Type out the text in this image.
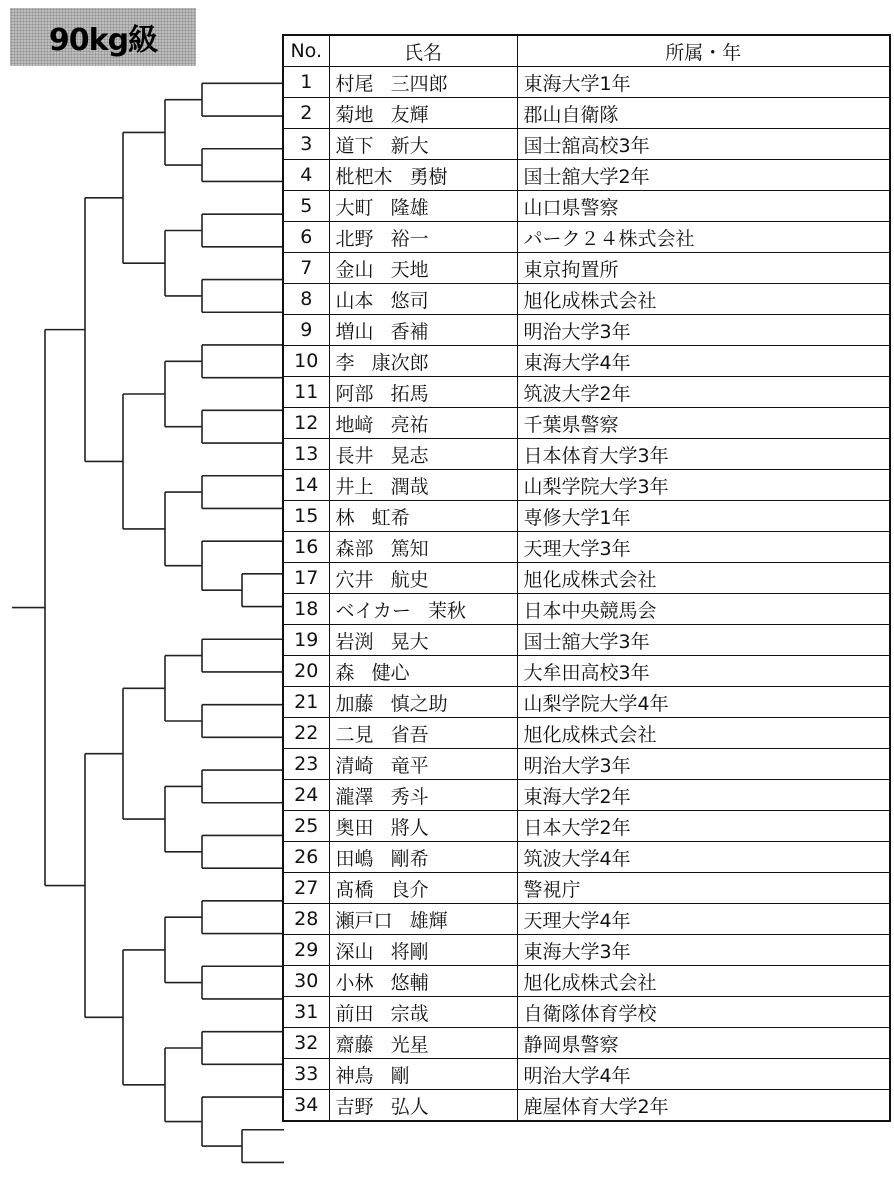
90kg級	No.	氏名	所属・年
1	村尾 三四郎	東海大学1年
2	菊地 友輝	郡山自衛隊
3	道下 新大	国士舘高校3年
4	枇杷木 勇樹	国士舘大学2年
5	大町 隆雄	山口県警察
6	北野 裕一	パーク２４株式会社
7	金山 天地	東京拘置所
8	山本 悠司	旭化成株式会社
9	増山 香補	明治大学3年
10	李 康次郎	東海大学4年
11	阿部 拓馬	筑波大学2年
12	地﨑 亮祐	千葉県警察
13	長井 晃志	日本体育大学3年
14	井上 潤哉	山梨学院大学3年
15	林 虹希	専修大学1年
16	森部 篤知	天理大学3年
17	穴井 航史	旭化成株式会社
18	ベイカー 茉秋	日本中央競馬会
19	岩渕 晃大	国士舘大学3年
20	森 健心	大牟田高校3年
21	加藤 慎之助	山梨学院大学4年
22	二見 省吾	旭化成株式会社
23	清崎 竜平	明治大学3年
24	瀧澤 秀斗	東海大学2年
25	奥田 將人	日本大学2年
26	田嶋 剛希	筑波大学4年
27	髙橋 良介	警視庁
28	瀬戸口 雄輝	天理大学4年
29	深山 将剛	東海大学3年
30	小林 悠輔	旭化成株式会社
31	前田 宗哉	自衛隊体育学校
32	齋藤 光星	静岡県警察
33	神鳥 剛	明治大学4年
34	吉野 弘人	鹿屋体育大学2年
